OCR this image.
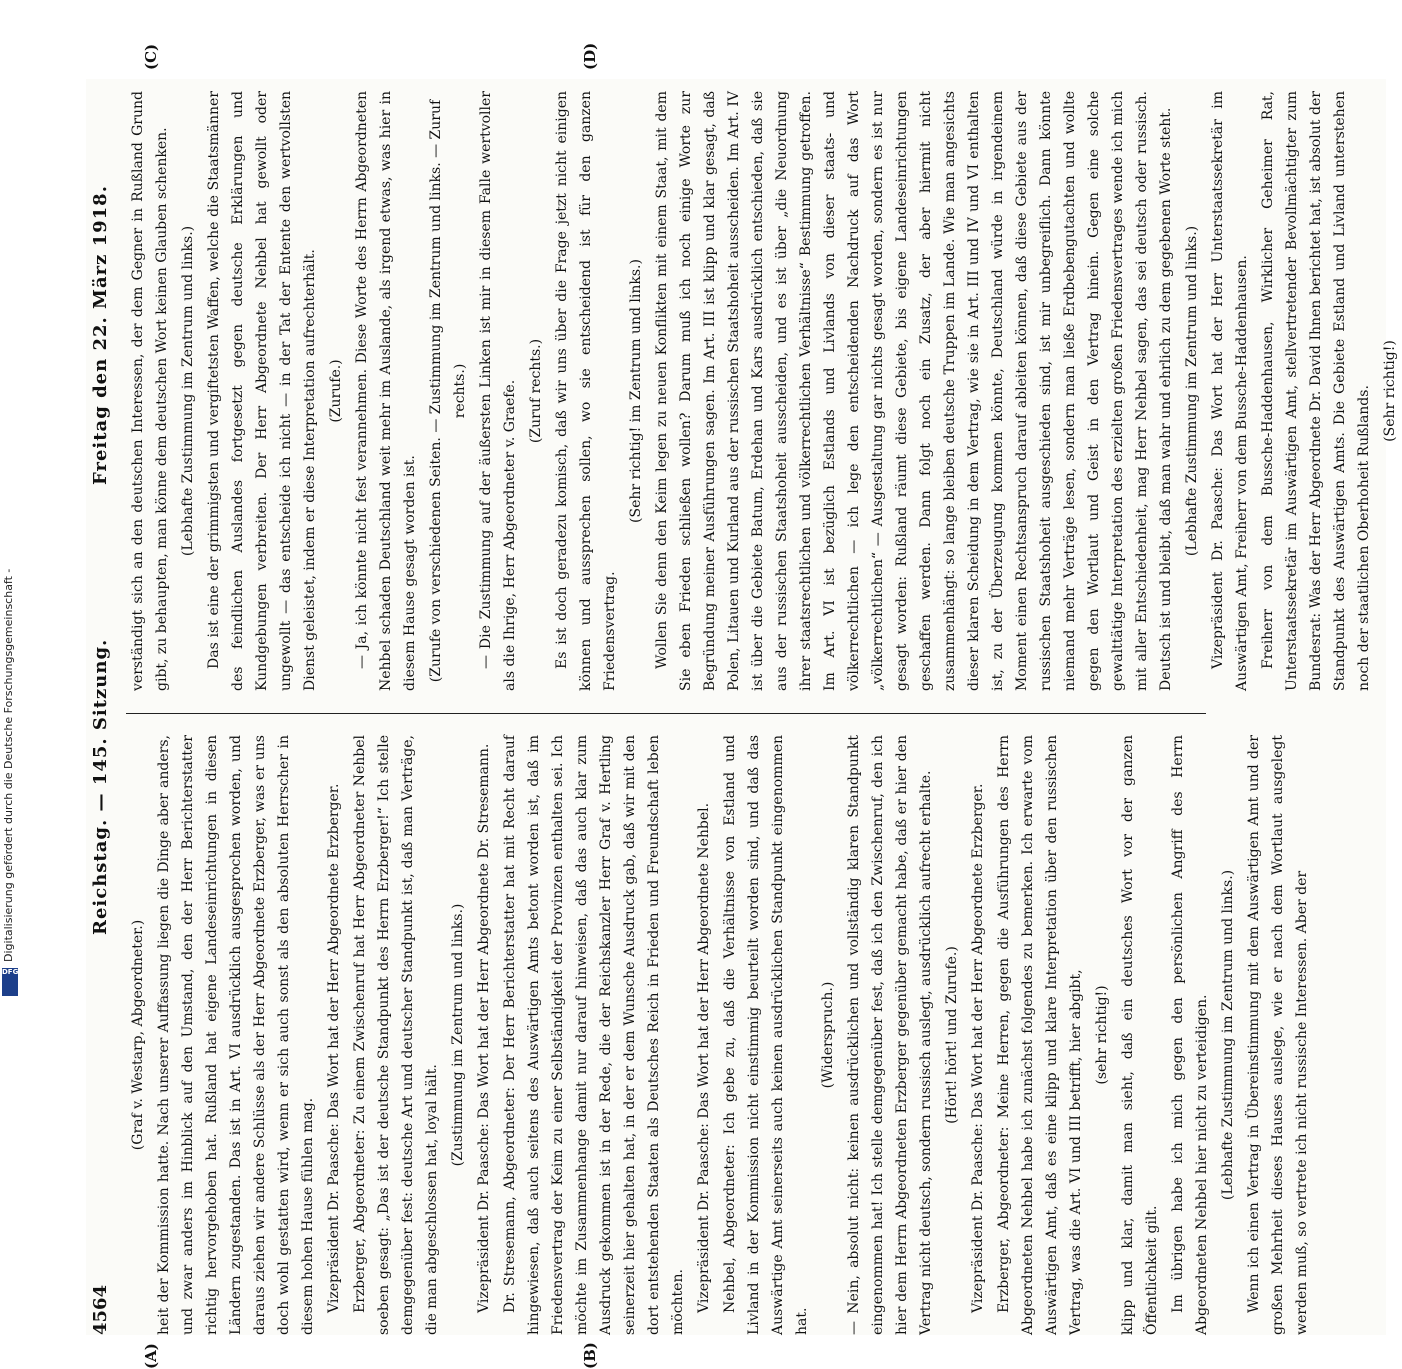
4564
Reichstag. — 145. Sitzung.
Freitag den 22. März 1918.
(A)	(B)
(C)	(D)

(Graf v. Westarp, Abgeordneter.) heit der Kommission hatte. Nach unserer Auffassung liegen die Dinge aber anders, und zwar anders im Hinblick auf den Umstand, den der Herr Berichterstatter richtig hervorgehoben hat. Rußland hat eigene Landeseinrichtungen in diesen Ländern zugestanden. Das ist in Art. VI ausdrücklich ausgesprochen worden, und daraus ziehen wir andere Schlüsse als der Herr Abgeordnete Erzberger, was er uns doch wohl gestatten wird, wenn er sich auch sonst als den absoluten Herrscher in diesem hohen Hause fühlen mag. Vizepräsident Dr. Paasche: Das Wort hat der Herr Abgeordnete Erzberger. Erzberger, Abgeordneter: Zu einem Zwischenruf hat Herr Abgeordneter Nehbel soeben gesagt: „Das ist der deutsche Standpunkt des Herrn Erzberger!“ Ich stelle demgegenüber fest: deutsche Art und deutscher Standpunkt ist, daß man Verträge, die man abgeschlossen hat, loyal hält.

(Zustimmung im Zentrum und links.) Vizepräsident Dr. Paasche: Das Wort hat der Herr Abgeordnete Dr. Stresemann. Dr. Stresemann, Abgeordneter: Der Herr Berichterstatter hat mit Recht darauf hingewiesen, daß auch seitens des Auswärtigen Amts betont worden ist, daß im Friedensvertrag der Keim zu einer Selbständigkeit der Provinzen enthalten sei. Ich möchte im Zusammenhange damit nur darauf hinweisen, daß das auch klar zum Ausdruck gekommen ist in der Rede, die der Reichskanzler Herr Graf v. Hertling seinerzeit hier gehalten hat, in der er dem Wunsche Ausdruck gab, daß wir mit den dort entstehenden Staaten als Deutsches Reich in Frieden und Freundschaft leben möchten. Vizepräsident Dr. Paasche: Das Wort hat der Herr Abgeordnete Nehbel. Nehbel, Abgeordneter: Ich gebe zu, daß die Verhältnisse von Estland und Livland in der Kommission nicht einstimmig beurteilt worden sind, und daß das Auswärtige Amt seinerseits auch keinen ausdrücklichen Standpunkt eingenommen hat.

(Widerspruch.) — Nein, absolut nicht: keinen ausdrücklichen und vollständig klaren Standpunkt eingenommen hat! Ich stelle demgegenüber fest, daß ich den Zwischenruf, den ich hier dem Herrn Abgeordneten Erzberger gegenüber gemacht habe, daß er hier den Vertrag nicht deutsch, sondern russisch auslegt, ausdrücklich aufrecht erhalte. (Hört! hört! und Zurufe.) Vizepräsident Dr. Paasche: Das Wort hat der Herr Abgeordnete Erzberger. Erzberger, Abgeordneter: Meine Herren, gegen die Ausführungen des Herrn Abgeordneten Nehbel habe ich zunächst folgendes zu bemerken. Ich erwarte vom Auswärtigen Amt, daß es eine klipp und klare Interpretation über den russischen Vertrag, was die Art. VI und III betrifft, hier abgibt, (sehr richtig!) klipp und klar, damit man sieht, daß ein deutsches Wort vor der ganzen Öffentlichkeit gilt. Im übrigen habe ich mich gegen den persönlichen Angriff des Herrn Abgeordneten Nehbel hier nicht zu verteidigen. (Lebhafte Zustimmung im Zentrum und links.) Wenn ich einen Vertrag in Übereinstimmung mit dem Auswärtigen Amt und der großen Mehrheit dieses Hauses auslege, wie er nach dem Wortlaut ausgelegt werden muß, so vertrete ich nicht russische Interessen. Aber der

verständigt sich an den deutschen Interessen, der dem Gegner in Rußland Grund gibt, zu behaupten, man könne dem deutschen Wort keinen Glauben schenken. (Lebhafte Zustimmung im Zentrum und links.) Das ist eine der grimmigsten und vergiftetsten Waffen, welche die Staatsmänner des feindlichen Auslandes fortgesetzt gegen deutsche Erklärungen und Kundgebungen verbreiten. Der Herr Abgeordnete Nehbel hat gewollt oder ungewollt — das entscheide ich nicht — in der Tat der Entente den wertvollsten Dienst geleistet, indem er diese Interpretation aufrechterhält. (Zurufe.) — Ja, ich könnte nicht fest verannehmen. Diese Worte des Herrn Abgeordneten Nehbel schaden Deutschland weit mehr im Auslande, als irgend etwas, was hier in diesem Hause gesagt worden ist. (Zurufe von verschiedenen Seiten. — Zustimmung im Zentrum und links. — Zuruf rechts.) — Die Zustimmung auf der äußersten Linken ist mir in diesem Falle wertvoller als die Ihrige, Herr Abgeordneter v. Graefe. (Zuruf rechts.) Es ist doch geradezu komisch, daß wir uns über die Frage jetzt nicht einigen können und aussprechen sollen, wo sie entscheidend ist für den ganzen Friedensvertrag.

(Sehr richtig! im Zentrum und links.) Wollen Sie denn den Keim legen zu neuen Konflikten mit einem Staat, mit dem Sie eben Frieden schließen wollen? Darum muß ich noch einige Worte zur Begründung meiner Ausführungen sagen. Im Art. III ist klipp und klar gesagt, daß Polen, Litauen und Kurland aus der russischen Staatshoheit ausscheiden. Im Art. IV ist über die Gebiete Batum, Erdehan und Kars ausdrücklich entschieden, daß sie aus der russischen Staatshoheit ausscheiden, und es ist über „die Neuordnung ihrer staatsrechtlichen und völkerrechtlichen Verhältnisse“ Bestimmung getroffen. Im Art. VI ist bezüglich Estlands und Livlands von dieser staats- und völkerrechtlichen — ich lege den entscheidenden Nachdruck auf das Wort „völkerrechtlichen“ — Ausgestaltung gar nichts gesagt worden, sondern es ist nur gesagt worden: Rußland räumt diese Gebiete, bis eigene Landeseinrichtungen geschaffen werden. Dann folgt noch ein Zusatz, der aber hiermit nicht zusammenhängt: so lange bleiben deutsche Truppen im Lande. Wie man angesichts dieser klaren Scheidung in dem Vertrag, wie sie in Art. III und IV und VI enthalten ist, zu der Überzeugung kommen könnte, Deutschland würde in irgendeinem Moment einen Rechtsanspruch darauf ableiten können, daß diese Gebiete aus der russischen Staatshoheit ausgeschieden sind, ist mir unbegreiflich. Dann könnte niemand mehr Verträge lesen, sondern man ließe Erdbebengutachten und wollte gegen den Wortlaut und Geist in den Vertrag hinein. Gegen eine solche gewalttätige Interpretation des erzielten großen Friedensvertrages wende ich mich mit aller Entschiedenheit, mag Herr Nehbel sagen, das sei deutsch oder russisch. Deutsch ist und bleibt, daß man wahr und ehrlich zu dem gegebenen Worte steht. (Lebhafte Zustimmung im Zentrum und links.) Vizepräsident Dr. Paasche: Das Wort hat der Herr Unterstaatssekretär im Auswärtigen Amt, Freiherr von dem Bussche-Haddenhausen. Freiherr von dem Bussche-Haddenhausen, Wirklicher Geheimer Rat, Unterstaatssekretär im Auswärtigen Amt, stellvertretender Bevollmächtigter zum Bundesrat: Was der Herr Abgeordnete Dr. David Ihnen berichtet hat, ist absolut der Standpunkt des Auswärtigen Amts. Die Gebiete Estland und Livland unterstehen noch der staatlichen Oberhoheit Rußlands. (Sehr richtig!)

Digitalisierung gefördert durch die Deutsche Forschungsgemeinschaft -
DFG
